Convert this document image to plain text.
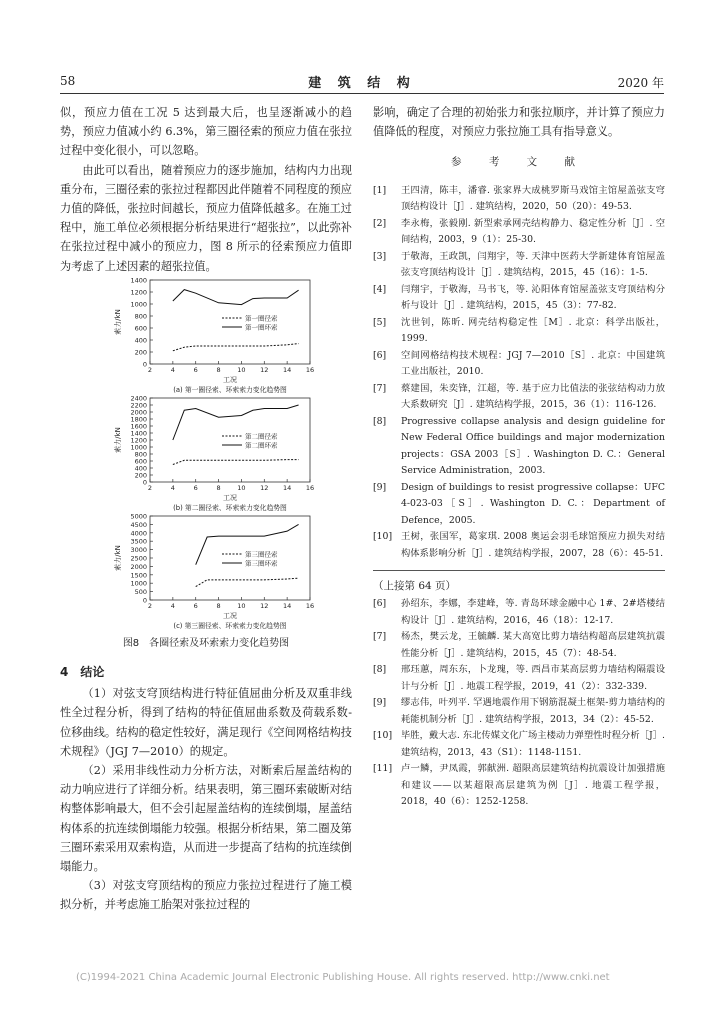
58	建 筑 结 构	2020 年

似，预应力值在工况 5 达到最大后，也呈逐渐减小的趋势，预应力值减小约 6.3%，第三圈径索的预应力值在张拉过程中变化很小，可以忽略。

由此可以看出，随着预应力的逐步施加，结构内力出现重分布，三圈径索的张拉过程都因此伴随着不同程度的预应力值的降低，张拉时间越长，预应力值降低越多。在施工过程中，施工单位必须根据分析结果进行“超张拉”，以此弥补在张拉过程中减小的预应力，图 8 所示的径索预应力值即为考虑了上述因素的超张拉值。

0
200
400
600
800
1000
1200
1400
2	4	6	8	10 12 14 16
工况
索力/kN
(a) 第一圈径索、环索索力变化趋势图
第一圈径索
第一圈环索
0
200
400
600
800
1000
1200
1400
1600
1800
2000
2200
2400
2	4	6	8	10 12 14 16
工况
索力/kN
(b) 第二圈径索、环索索力变化趋势图
第二圈径索
第二圈环索
0
500
1000
1500
2000
2500
3000
3500
4000
4500
5000
2	4	6	8	10 12 14 16
工况
索力/kN
(c) 第三圈径索、环索索力变化趋势图
第三圈径索
第三圈环索
图8　各圈径索及环索索力变化趋势图
4　结论

（1）对弦支穹顶结构进行特征值屈曲分析及双重非线性全过程分析，得到了结构的特征值屈曲系数及荷载系数-位移曲线。结构的稳定性较好，满足现行《空间网格结构技术规程》（JGJ 7—2010）的规定。

（2）采用非线性动力分析方法，对断索后屋盖结构的动力响应进行了详细分析。结果表明，第三圈环索破断对结构整体影响最大，但不会引起屋盖结构的连续倒塌，屋盖结构体系的抗连续倒塌能力较强。根据分析结果，第二圈及第三圈环索采用双索构造，从而进一步提高了结构的抗连续倒塌能力。

（3）对弦支穹顶结构的预应力张拉过程进行了施工模拟分析，并考虑施工胎架对张拉过程的

影响，确定了合理的初始张力和张拉顺序，并计算了预应力值降低的程度，对预应力张拉施工具有指导意义。

参 考 文 献
[1]	王四清，陈丰，潘睿. 张家界大成桃罗斯马戏馆主馆屋盖弦支穹顶结构设计［J］. 建筑结构，2020，50（20）：49-53.
[2]	李永梅，张毅刚. 新型索承网壳结构静力、稳定性分析［J］. 空间结构，2003，9（1）：25-30.
[3]	于敬海，王政凯，闫翔宇，等. 天津中医药大学新建体育馆屋盖弦支穹顶结构设计［J］. 建筑结构，2015，45（16）：1-5.
[4]	闫翔宇，于敬海，马书飞，等. 沁阳体育馆屋盖弦支穹顶结构分析与设计［J］. 建筑结构，2015，45（3）：77-82.
[5]	沈世钊，陈昕. 网壳结构稳定性［M］. 北京：科学出版社，1999.
[6]	空间网格结构技术规程：JGJ 7—2010［S］. 北京：中国建筑工业出版社，2010.
[7]	蔡建国，朱奕锋，江超，等. 基于应力比值法的张弦结构动力放大系数研究［J］. 建筑结构学报，2015，36（1）：116-126.
[8]	Progressive collapse analysis and design guideline for New Federal Office buildings and major modernization projects：GSA 2003［S］. Washington D. C.：General Service Administration，2003.
[9]	Design of buildings to resist progressive collapse：UFC 4-023-03［S］. Washington D. C.：Department of Defence，2005.
[10] 王树，张国军，葛家琪. 2008 奥运会羽毛球馆预应力损失对结构体系影响分析［J］. 建筑结构学报，2007，28（6）：45-51.
（上接第 64 页）
[6]	孙绍东，李娜，李建峰，等. 青岛环球金融中心 1#、2#塔楼结构设计［J］. 建筑结构，2016，46（18）：12-17.
[7]	杨杰，樊云龙，王毓麟. 某大高宽比剪力墙结构超高层建筑抗震性能分析［J］. 建筑结构，2015，45（7）：48-54.
[8]	邢珏蕙，周东东，卜龙瑰，等. 西昌市某高层剪力墙结构隔震设计与分析［J］. 地震工程学报，2019，41（2）：332-339.
[9]	缪志伟，叶列平. 罕遇地震作用下钢筋混凝土框架-剪力墙结构的耗能机制分析［J］. 建筑结构学报，2013，34（2）：45-52.
[10] 毕胜，戴大志. 东北传媒文化广场主楼动力弹塑性时程分析［J］. 建筑结构，2013，43（S1）：1148-1151.
[11] 卢一鳞，尹凤霞，郭献洲. 超限高层建筑结构抗震设计加强措施和建议——以某超限高层建筑为例［J］. 地震工程学报，2018，40（6）：1252-1258.
(C)1994-2021 China Academic Journal Electronic Publishing House. All rights reserved. http://www.cnki.net
